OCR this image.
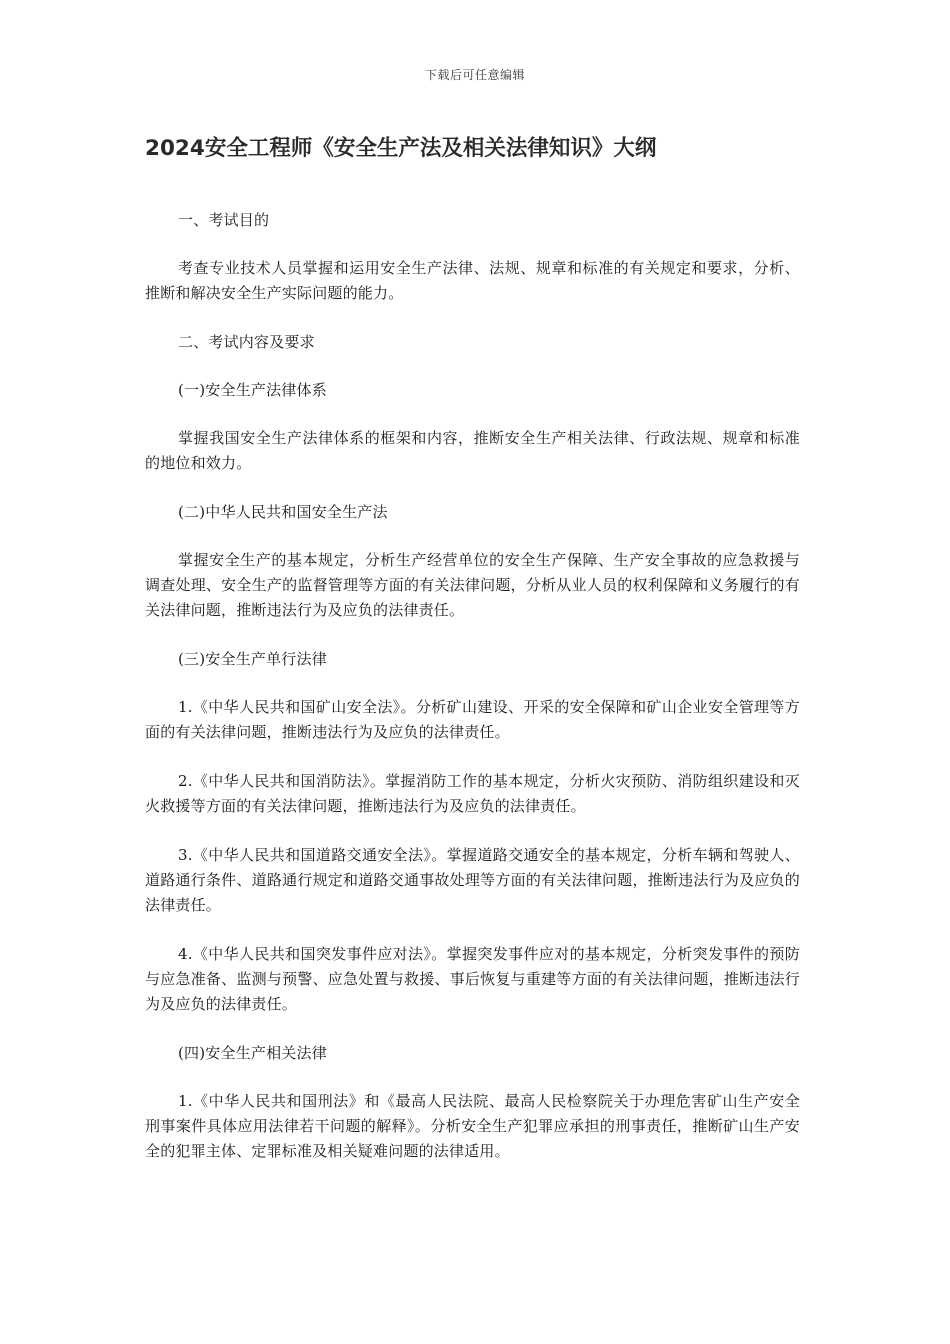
下载后可任意编辑
2024安全工程师《安全生产法及相关法律知识》大纲

一、考试目的

考查专业技术人员掌握和运用安全生产法律、法规、规章和标准的有关规定和要求，分析、推断和解决安全生产实际问题的能力。

二、考试内容及要求

(一)安全生产法律体系

掌握我国安全生产法律体系的框架和内容，推断安全生产相关法律、行政法规、规章和标准的地位和效力。

(二)中华人民共和国安全生产法

掌握安全生产的基本规定，分析生产经营单位的安全生产保障、生产安全事故的应急救援与调查处理、安全生产的监督管理等方面的有关法律问题，分析从业人员的权利保障和义务履行的有关法律问题，推断违法行为及应负的法律责任。

(三)安全生产单行法律

1.《中华人民共和国矿山安全法》。分析矿山建设、开采的安全保障和矿山企业安全管理等方面的有关法律问题，推断违法行为及应负的法律责任。

2.《中华人民共和国消防法》。掌握消防工作的基本规定，分析火灾预防、消防组织建设和灭火救援等方面的有关法律问题，推断违法行为及应负的法律责任。

3.《中华人民共和国道路交通安全法》。掌握道路交通安全的基本规定，分析车辆和驾驶人、道路通行条件、道路通行规定和道路交通事故处理等方面的有关法律问题，推断违法行为及应负的法律责任。

4.《中华人民共和国突发事件应对法》。掌握突发事件应对的基本规定，分析突发事件的预防与应急准备、监测与预警、应急处置与救援、事后恢复与重建等方面的有关法律问题，推断违法行为及应负的法律责任。

(四)安全生产相关法律

1.《中华人民共和国刑法》和《最高人民法院、最高人民检察院关于办理危害矿山生产安全刑事案件具体应用法律若干问题的解释》。分析安全生产犯罪应承担的刑事责任，推断矿山生产安全的犯罪主体、定罪标准及相关疑难问题的法律适用。
